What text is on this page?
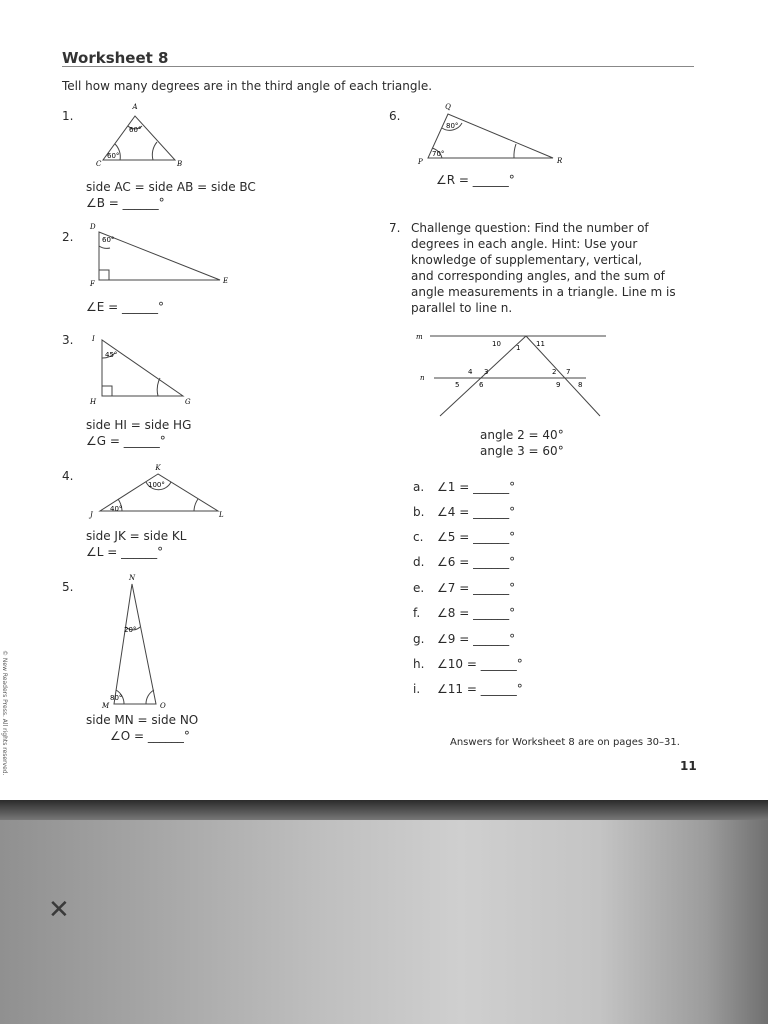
Worksheet 8
Tell how many degrees are in the third angle of each triangle.
1.
A
C	B
60°
60°
side AC = side AB = side BC
∠B = ______°
2.
D
F	E
60°
∠E = ______°
3.	I
H	G
45°
side HI = side HG
∠G = ______°
4.
K
J	L
100°
40°
side JK = side KL
∠L = ______°
5.
N
M	O
20°
80°
side MN = side NO
∠O = ______°
6.
Q
P	R
80°
70°
∠R = ______°
7. Challenge question: Find the number of
degrees in each angle. Hint: Use your
knowledge of supplementary, vertical,
and corresponding angles, and the sum of
angle measurements in a triangle. Line m is
parallel to line n.
m
n
10 1 11
4 3
5	6
2 7
9	8
angle 2 = 40°
angle 3 = 60°
a. ∠1 = ______°
b. ∠4 = ______°
c. ∠5 = ______°
d. ∠6 = ______°
e. ∠7 = ______°
f. ∠8 = ______°
g. ∠9 = ______°
h. ∠10 = ______°
i. ∠11 = ______°
Answers for Worksheet 8 are on pages 30–31.
11
© New Readers Press. All rights reserved.
✕
